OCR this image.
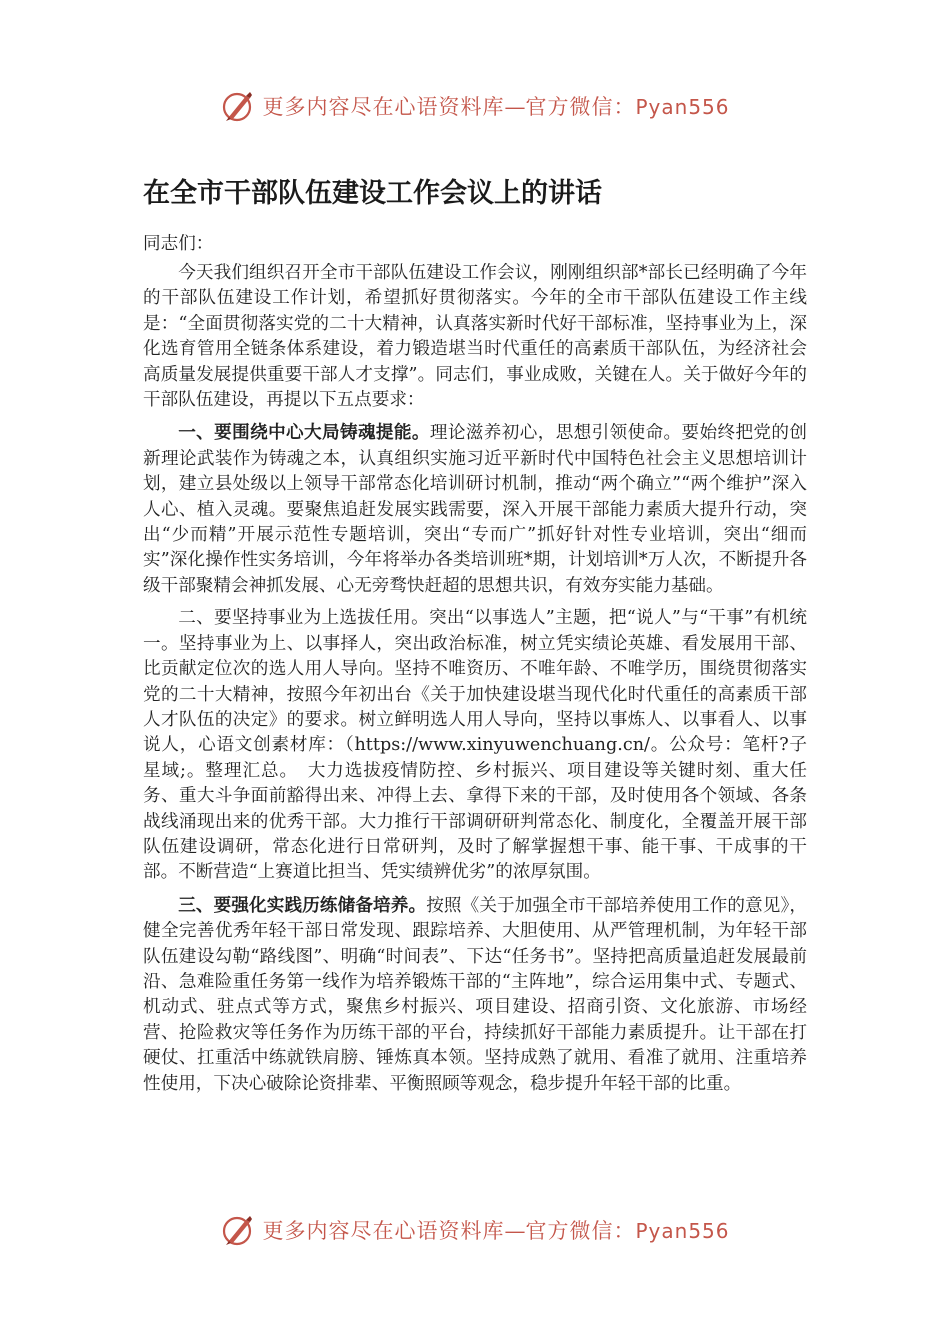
更多内容尽在心语资料库—官方微信：Pyan556
在全市干部队伍建设工作会议上的讲话

同志们：

今天我们组织召开全市干部队伍建设工作会议，刚刚组织部*部长已经明确了今年的干部队伍建设工作计划，希望抓好贯彻落实。今年的全市干部队伍建设工作主线是：“全面贯彻落实党的二十大精神，认真落实新时代好干部标准，坚持事业为上，深化选育管用全链条体系建设，着力锻造堪当时代重任的高素质干部队伍，为经济社会高质量发展提供重要干部人才支撑”。同志们，事业成败，关键在人。关于做好今年的干部队伍建设，再提以下五点要求：

一、要围绕中心大局铸魂提能。理论滋养初心，思想引领使命。要始终把党的创新理论武装作为铸魂之本，认真组织实施习近平新时代中国特色社会主义思想培训计划，建立县处级以上领导干部常态化培训研讨机制，推动“两个确立”“两个维护”深入人心、植入灵魂。要聚焦追赶发展实践需要，深入开展干部能力素质大提升行动，突出“少而精”开展示范性专题培训，突出“专而广”抓好针对性专业培训，突出“细而实”深化操作性实务培训，今年将举办各类培训班*期，计划培训*万人次，不断提升各级干部聚精会神抓发展、心无旁骛快赶超的思想共识，有效夯实能力基础。

二、要坚持事业为上选拔任用。突出“以事选人”主题，把“说人”与“干事”有机统一。坚持事业为上、以事择人，突出政治标准，树立凭实绩论英雄、看发展用干部、比贡献定位次的选人用人导向。坚持不唯资历、不唯年龄、不唯学历，围绕贯彻落实党的二十大精神，按照今年初出台《关于加快建设堪当现代化时代重任的高素质干部人才队伍的决定》的要求。树立鲜明选人用人导向，坚持以事炼人、以事看人、以事说人，心语文创素材库：（https://www.xinyuwenchuang.cn/。公众号：笔杆?子星域;。整理汇总。　大力选拔疫情防控、乡村振兴、项目建设等关键时刻、重大任务、重大斗争面前豁得出来、冲得上去、拿得下来的干部，及时使用各个领域、各条战线涌现出来的优秀干部。大力推行干部调研研判常态化、制度化，全覆盖开展干部队伍建设调研，常态化进行日常研判，及时了解掌握想干事、能干事、干成事的干部。不断营造“上赛道比担当、凭实绩辨优劣”的浓厚氛围。

三、要强化实践历练储备培养。按照《关于加强全市干部培养使用工作的意见》，健全完善优秀年轻干部日常发现、跟踪培养、大胆使用、从严管理机制，为年轻干部队伍建设勾勒“路线图”、明确“时间表”、下达“任务书”。坚持把高质量追赶发展最前沿、急难险重任务第一线作为培养锻炼干部的“主阵地”，综合运用集中式、专题式、机动式、驻点式等方式，聚焦乡村振兴、项目建设、招商引资、文化旅游、市场经营、抢险救灾等任务作为历练干部的平台，持续抓好干部能力素质提升。让干部在打硬仗、扛重活中练就铁肩膀、锤炼真本领。坚持成熟了就用、看准了就用、注重培养性使用，下决心破除论资排辈、平衡照顾等观念，稳步提升年轻干部的比重。

更多内容尽在心语资料库—官方微信：Pyan556
